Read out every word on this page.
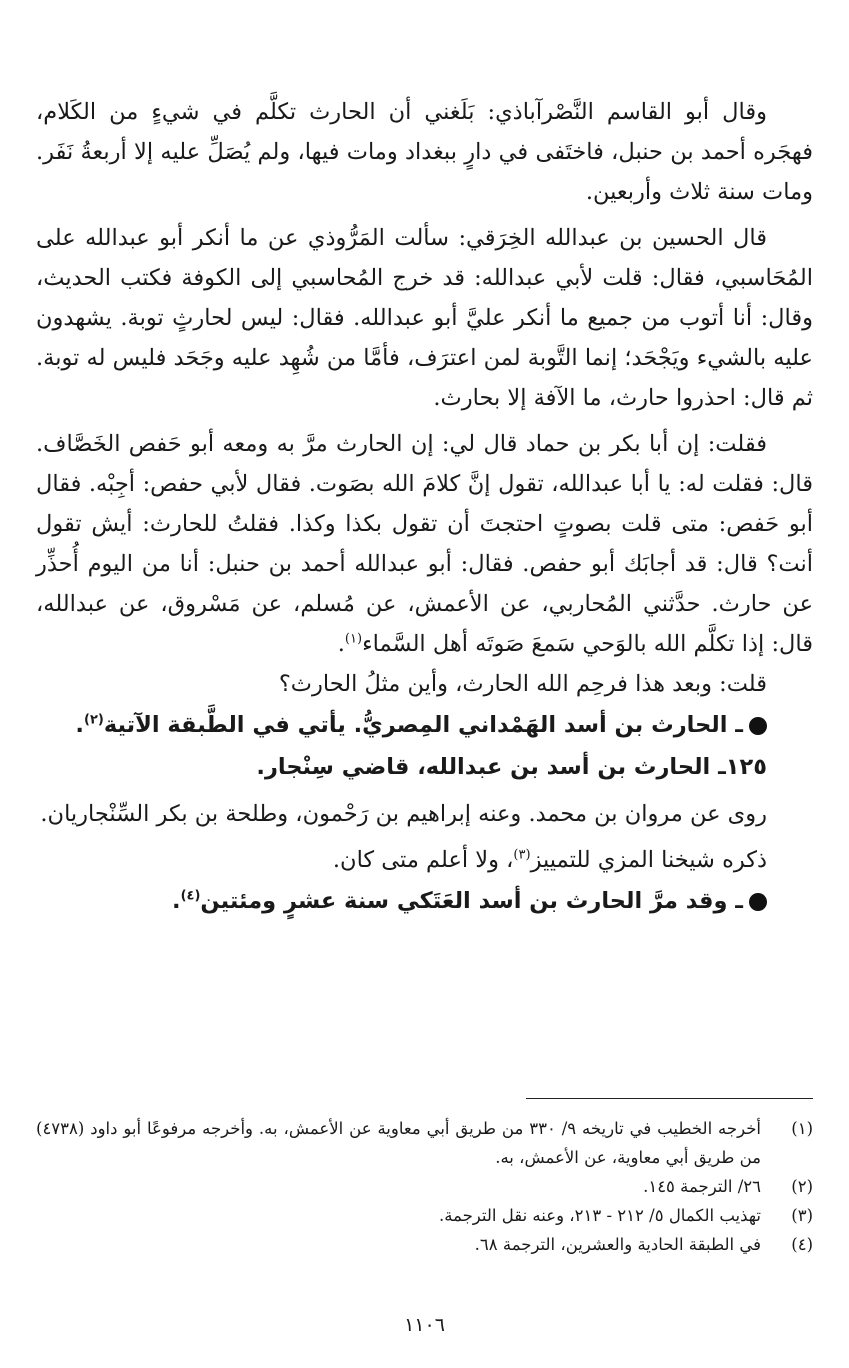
وقال أبو القاسم النَّصْرآباذي: بَلَغني أن الحارث تكلَّم في شيءٍ من الكَلام، فهجَره أحمد بن حنبل، فاختَفى في دارٍ ببغداد ومات فيها، ولم يُصَلِّ عليه إلا أربعةُ نَفَر. ومات سنة ثلاث وأربعين.

قال الحسين بن عبدالله الخِرَقي: سألت المَرُّوذي عن ما أنكر أبو عبدالله على المُحَاسبي، فقال: قلت لأبي عبدالله: قد خرج المُحاسبي إلى الكوفة فكتب الحديث، وقال: أنا أتوب من جميع ما أنكر عليَّ أبو عبدالله. فقال: ليس لحارثٍ توبة. يشهدون عليه بالشيء ويَجْحَد؛ إنما التَّوبة لمن اعترَف، فأمَّا من شُهِد عليه وجَحَد فليس له توبة. ثم قال: احذروا حارث، ما الآفة إلا بحارث.

فقلت: إن أبا بكر بن حماد قال لي: إن الحارث مرَّ به ومعه أبو حَفص الخَصَّاف. قال: فقلت له: يا أبا عبدالله، تقول إنَّ كلامَ الله بصَوت. فقال لأبي حفص: أجِبْه. فقال أبو حَفص: متى قلت بصوتٍ احتجتَ أن تقول بكذا وكذا. فقلتُ للحارث: أيش تقول أنت؟ قال: قد أجابَك أبو حفص. فقال: أبو عبدالله أحمد بن حنبل: أنا من اليوم أُحذِّر عن حارث. حدَّثني المُحاربي، عن الأعمش، عن مُسلم، عن مَسْروق، عن عبدالله، قال: إذا تكلَّم الله بالوَحي سَمعَ صَوتَه أهل السَّماء$^{(١)}$.

قلت: وبعد هذا فرحِم الله الحارث، وأين مثلُ الحارث؟

ـ الحارث بن أسد الهَمْداني المِصريُّ. يأتي في الطَّبقة الآتية$^{(٢)}$.

١٢٥ـ الحارث بن أسد بن عبدالله، قاضي سِنْجار.

روى عن مروان بن محمد. وعنه إبراهيم بن رَحْمون، وطلحة بن بكر السِّنْجاريان.

ذكره شيخنا المزي للتمييز$^{(٣)}$، ولا أعلم متى كان.

ـ وقد مرَّ الحارث بن أسد العَتَكي سنة عشرٍ ومئتين$^{(٤)}$.

(١)
أخرجه الخطيب في تاريخه ٩/ ٣٣٠ من طريق أبي معاوية عن الأعمش، به. وأخرجه مرفوعًا أبو داود (٤٧٣٨) من طريق أبي معاوية، عن الأعمش، به.
(٢)
٢٦/ الترجمة ١٤٥.
(٣)
تهذيب الكمال ٥/ ٢١٢ - ٢١٣، وعنه نقل الترجمة.
(٤)
في الطبقة الحادية والعشرين، الترجمة ٦٨.
١١٠٦
